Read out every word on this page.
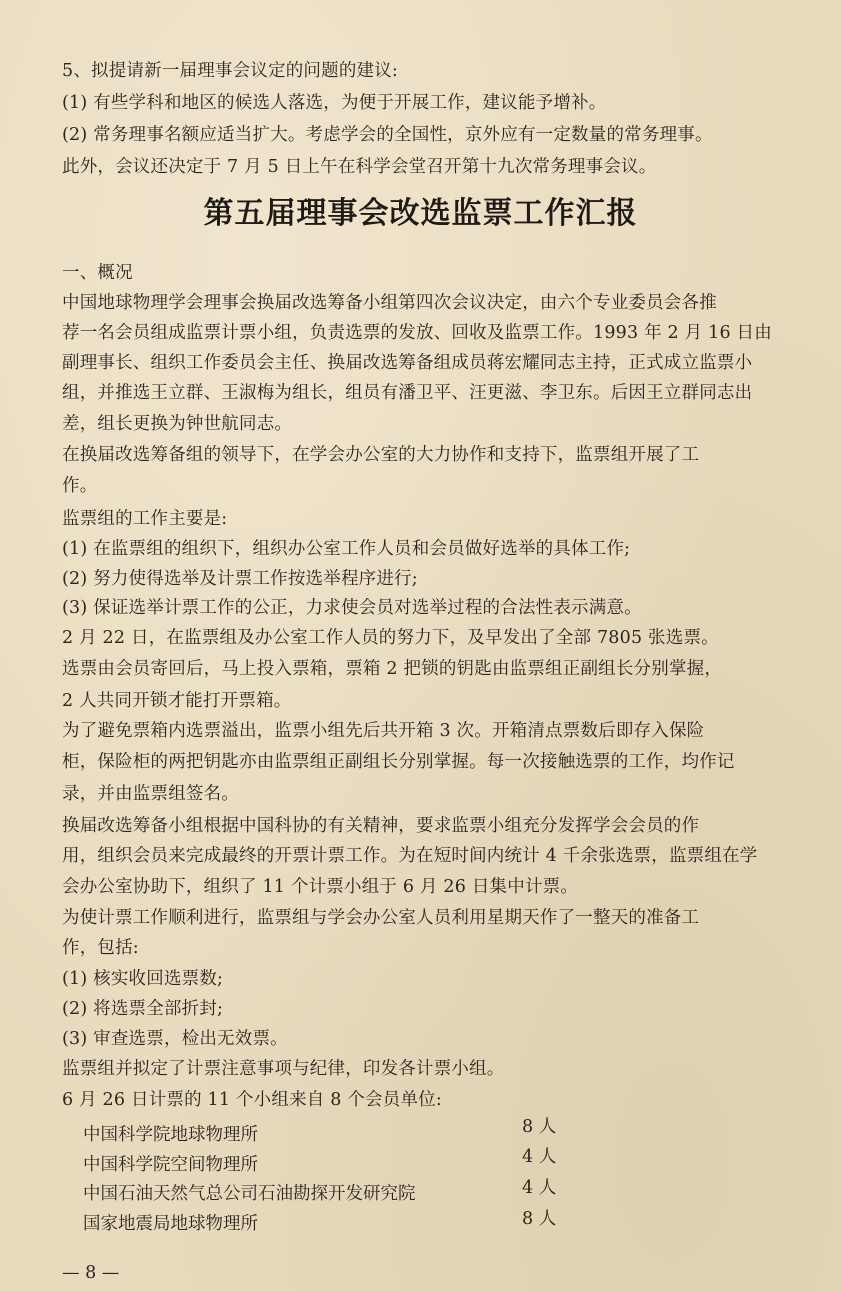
5、拟提请新一届理事会议定的问题的建议:
(1) 有些学科和地区的候选人落选，为便于开展工作，建议能予增补。
(2) 常务理事名额应适当扩大。考虑学会的全国性，京外应有一定数量的常务理事。
此外，会议还决定于 7 月 5 日上午在科学会堂召开第十九次常务理事会议。
第五届理事会改选监票工作汇报
一、概况
中国地球物理学会理事会换届改选筹备小组第四次会议决定，由六个专业委员会各推
荐一名会员组成监票计票小组，负责选票的发放、回收及监票工作。1993 年 2 月 16 日由
副理事长、组织工作委员会主任、换届改选筹备组成员蒋宏耀同志主持，正式成立监票小
组，并推选王立群、王淑梅为组长，组员有潘卫平、汪更滋、李卫东。后因王立群同志出
差，组长更换为钟世航同志。
在换届改选筹备组的领导下，在学会办公室的大力协作和支持下，监票组开展了工
作。
监票组的工作主要是:
(1) 在监票组的组织下，组织办公室工作人员和会员做好选举的具体工作;
(2) 努力使得选举及计票工作按选举程序进行;
(3) 保证选举计票工作的公正，力求使会员对选举过程的合法性表示满意。
2 月 22 日，在监票组及办公室工作人员的努力下，及早发出了全部 7805 张选票。
选票由会员寄回后，马上投入票箱，票箱 2 把锁的钥匙由监票组正副组长分别掌握，
2 人共同开锁才能打开票箱。
为了避免票箱内选票溢出，监票小组先后共开箱 3 次。开箱清点票数后即存入保险
柜，保险柜的两把钥匙亦由监票组正副组长分别掌握。每一次接触选票的工作，均作记
录，并由监票组签名。
换届改选筹备小组根据中国科协的有关精神，要求监票小组充分发挥学会会员的作
用，组织会员来完成最终的开票计票工作。为在短时间内统计 4 千余张选票，监票组在学
会办公室协助下，组织了 11 个计票小组于 6 月 26 日集中计票。
为使计票工作顺利进行，监票组与学会办公室人员利用星期天作了一整天的准备工
作，包括:
(1) 核实收回选票数;
(2) 将选票全部折封;
(3) 审查选票，检出无效票。
监票组并拟定了计票注意事项与纪律，印发各计票小组。
6 月 26 日计票的 11 个小组来自 8 个会员单位:
中国科学院地球物理所	8 人
中国科学院空间物理所	4 人
中国石油天然气总公司石油勘探开发研究院	4 人
国家地震局地球物理所	8 人
— 8 —
